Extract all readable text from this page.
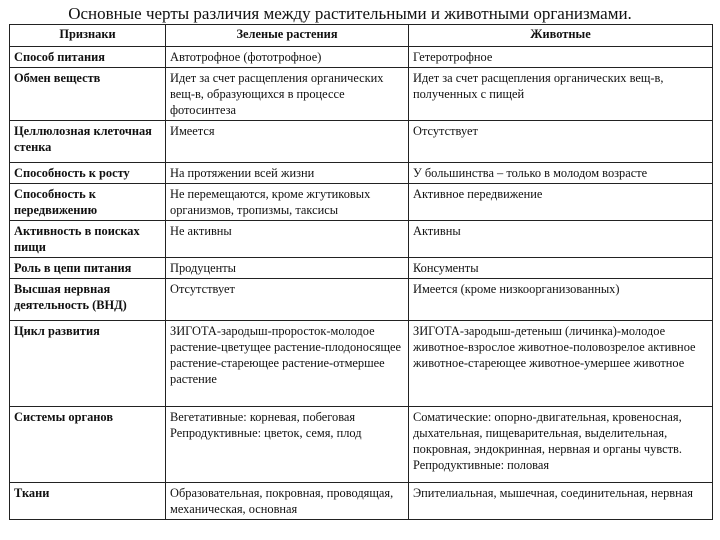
Основные черты различия между растительными и животными организмами.
Признаки	Зеленые растения	Животные
Способ питания	Автотрофное (фототрофное)	Гетеротрофное
Обмен веществ	Идет за счет расщепления органических вещ-в, образующихся в процессе фотосинтеза	Идет за счет расщепления органических вещ-в, полученных с пищей
Целлюлозная клеточная стенка	Имеется	Отсутствует
Способность к росту	На протяжении всей жизни	У большинства – только в молодом возрасте
Способность к передвижению	Не перемещаются, кроме жгутиковых организмов, тропизмы, таксисы	Активное передвижение
Активность в поисках пищи	Не активны	Активны
Роль в цепи питания	Продуценты	Консументы
Высшая нервная деятельность (ВНД)	Отсутствует	Имеется (кроме низкоорганизованных)
Цикл развития	ЗИГОТА-зародыш-проросток-молодое растение-цветущее растение-плодоносящее растение-стареющее растение-отмершее растение	ЗИГОТА-зародыш-детеныш (личинка)-молодое животное-взрослое животное-половозрелое активное животное-стареющее животное-умершее животное
Системы органов	Вегетативные: корневая, побеговая Репродуктивные: цветок, семя, плод	Соматические: опорно-двигательная, кровеносная, дыхательная, пищеварительная, выделительная, покровная, эндокринная, нервная и органы чувств. Репродуктивные: половая
Ткани	Образовательная, покровная, проводящая, механическая, основная	Эпителиальная, мышечная, соединительная, нервная
